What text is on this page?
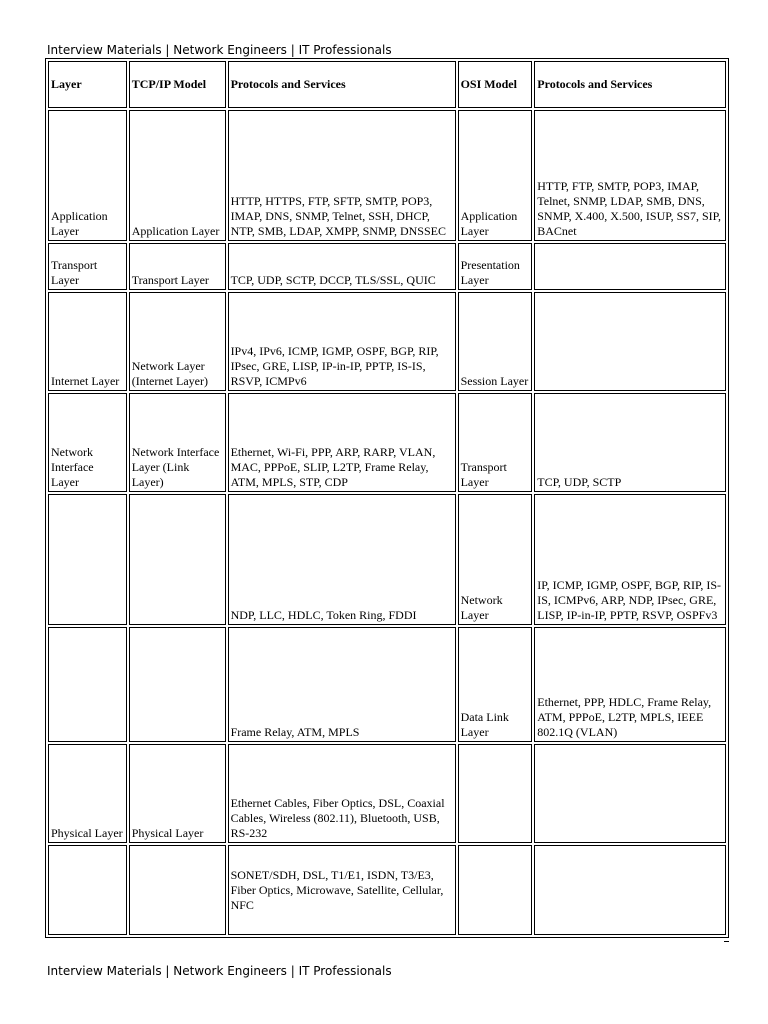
Interview Materials | Network Engineers | IT Professionals
Layer	TCP/IP Model	Protocols and Services	OSI Model	Protocols and Services
Application Layer	Application Layer	HTTP, HTTPS, FTP, SFTP, SMTP, POP3, IMAP, DNS, SNMP, Telnet, SSH, DHCP, NTP, SMB, LDAP, XMPP, SNMP, DNSSEC	Application Layer	HTTP, FTP, SMTP, POP3, IMAP, Telnet, SNMP, LDAP, SMB, DNS, SNMP, X.400, X.500, ISUP, SS7, SIP, BACnet
Transport Layer	Transport Layer	TCP, UDP, SCTP, DCCP, TLS/SSL, QUIC	Presentation Layer	
Internet Layer	Network Layer (Internet Layer)	IPv4, IPv6, ICMP, IGMP, OSPF, BGP, RIP, IPsec, GRE, LISP, IP-in-IP, PPTP, IS-IS, RSVP, ICMPv6	Session Layer	
Network Interface Layer	Network Interface Layer (Link Layer)	Ethernet, Wi-Fi, PPP, ARP, RARP, VLAN, MAC, PPPoE, SLIP, L2TP, Frame Relay, ATM, MPLS, STP, CDP	Transport Layer	TCP, UDP, SCTP
		NDP, LLC, HDLC, Token Ring, FDDI	Network Layer	IP, ICMP, IGMP, OSPF, BGP, RIP, IS-IS, ICMPv6, ARP, NDP, IPsec, GRE, LISP, IP-in-IP, PPTP, RSVP, OSPFv3
		Frame Relay, ATM, MPLS	Data Link Layer	Ethernet, PPP, HDLC, Frame Relay, ATM, PPPoE, L2TP, MPLS, IEEE 802.1Q (VLAN)
Physical Layer	Physical Layer	Ethernet Cables, Fiber Optics, DSL, Coaxial Cables, Wireless (802.11), Bluetooth, USB, RS-232		
		SONET/SDH, DSL, T1/E1, ISDN, T3/E3, Fiber Optics, Microwave, Satellite, Cellular, NFC		
Interview Materials | Network Engineers | IT Professionals
